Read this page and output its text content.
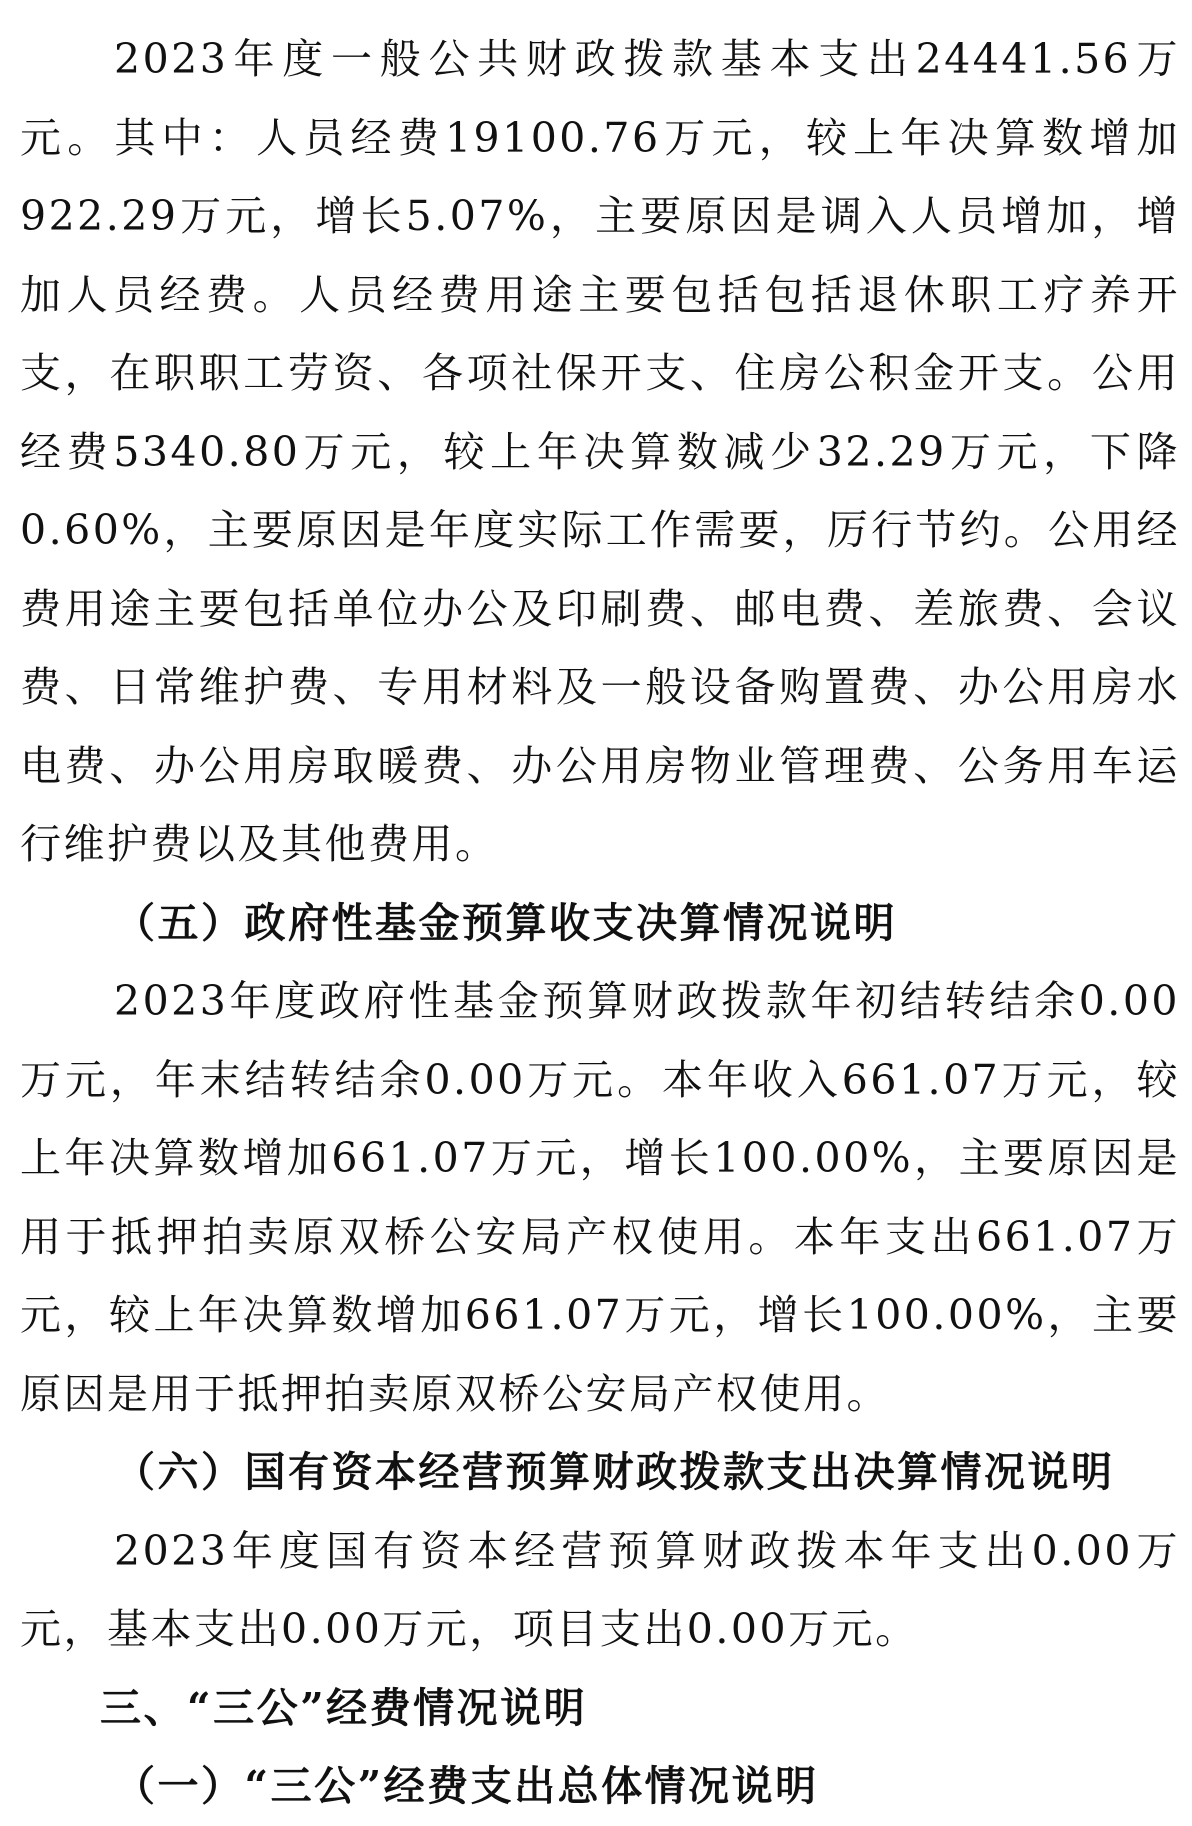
2023年度一般公共财政拨款基本支出24441.56万元。其中：人员经费19100.76万元，较上年决算数增加922.29万元，增长5.07%，主要原因是调入人员增加，增加人员经费。人员经费用途主要包括包括退休职工疗养开支，在职职工劳资、各项社保开支、住房公积金开支。公用经费5340.80万元，较上年决算数减少32.29万元，下降0.60%，主要原因是年度实际工作需要，厉行节约。公用经费用途主要包括单位办公及印刷费、邮电费、差旅费、会议费、日常维护费、专用材料及一般设备购置费、办公用房水电费、办公用房取暖费、办公用房物业管理费、公务用车运行维护费以及其他费用。

（五）政府性基金预算收支决算情况说明

2023年度政府性基金预算财政拨款年初结转结余0.00万元，年末结转结余0.00万元。本年收入661.07万元，较上年决算数增加661.07万元，增长100.00%，主要原因是用于抵押拍卖原双桥公安局产权使用。本年支出661.07万元，较上年决算数增加661.07万元，增长100.00%，主要原因是用于抵押拍卖原双桥公安局产权使用。

（六）国有资本经营预算财政拨款支出决算情况说明

2023年度国有资本经营预算财政拨本年支出0.00万元，基本支出0.00万元，项目支出0.00万元。

三、“三公”经费情况说明

（一）“三公”经费支出总体情况说明
